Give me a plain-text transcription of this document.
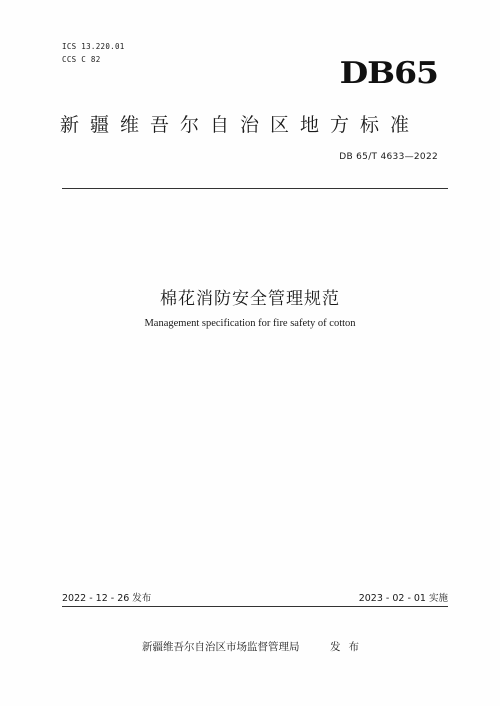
ICS 13.220.01
CCS C 82	DB65
新疆维吾尔自治区地方标准
DB 65/T 4633—2022
棉花消防安全管理规范
Management specification for fire safety of cotton
2022 - 12 - 26 发布	2023 - 02 - 01 实施
新疆维吾尔自治区市场监督管理局	发布
